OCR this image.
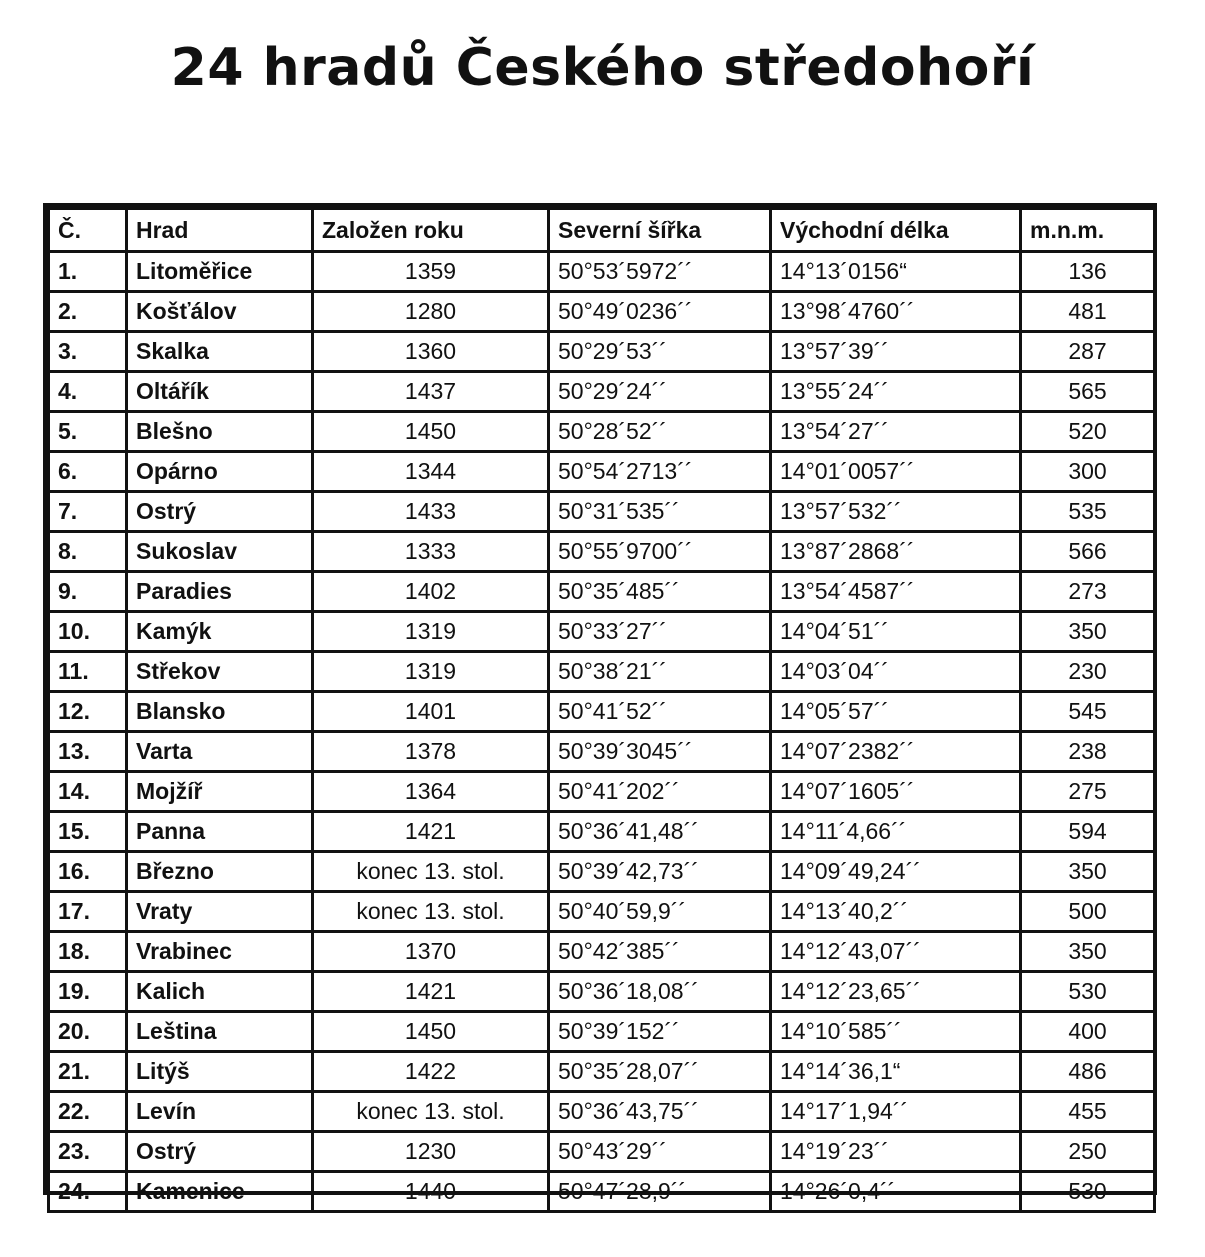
24 hradů Českého středohoří
Č.	Hrad	Založen roku	Severní šířka	Východní délka	m.n.m.
1.	Litoměřice	1359	50°53´5972´´	14°13´0156“	136
2.	Košťálov	1280	50°49´0236´´	13°98´4760´´	481
3.	Skalka	1360	50°29´53´´	13°57´39´´	287
4.	Oltářík	1437	50°29´24´´	13°55´24´´	565
5.	Blešno	1450	50°28´52´´	13°54´27´´	520
6.	Opárno	1344	50°54´2713´´	14°01´0057´´	300
7.	Ostrý	1433	50°31´535´´	13°57´532´´	535
8.	Sukoslav	1333	50°55´9700´´	13°87´2868´´	566
9.	Paradies	1402	50°35´485´´	13°54´4587´´	273
10.	Kamýk	1319	50°33´27´´	14°04´51´´	350
11.	Střekov	1319	50°38´21´´	14°03´04´´	230
12.	Blansko	1401	50°41´52´´	14°05´57´´	545
13.	Varta	1378	50°39´3045´´	14°07´2382´´	238
14.	Mojžíř	1364	50°41´202´´	14°07´1605´´	275
15.	Panna	1421	50°36´41,48´´	14°11´4,66´´	594
16.	Březno	konec 13. stol.	50°39´42,73´´	14°09´49,24´´	350
17.	Vraty	konec 13. stol.	50°40´59,9´´	14°13´40,2´´	500
18.	Vrabinec	1370	50°42´385´´	14°12´43,07´´	350
19.	Kalich	1421	50°36´18,08´´	14°12´23,65´´	530
20.	Leština	1450	50°39´152´´	14°10´585´´	400
21.	Litýš	1422	50°35´28,07´´	14°14´36,1“	486
22.	Levín	konec 13. stol.	50°36´43,75´´	14°17´1,94´´	455
23.	Ostrý	1230	50°43´29´´	14°19´23´´	250
24.	Kamenice	1440	50°47´28,9´´	14°26´0,4´´	530
